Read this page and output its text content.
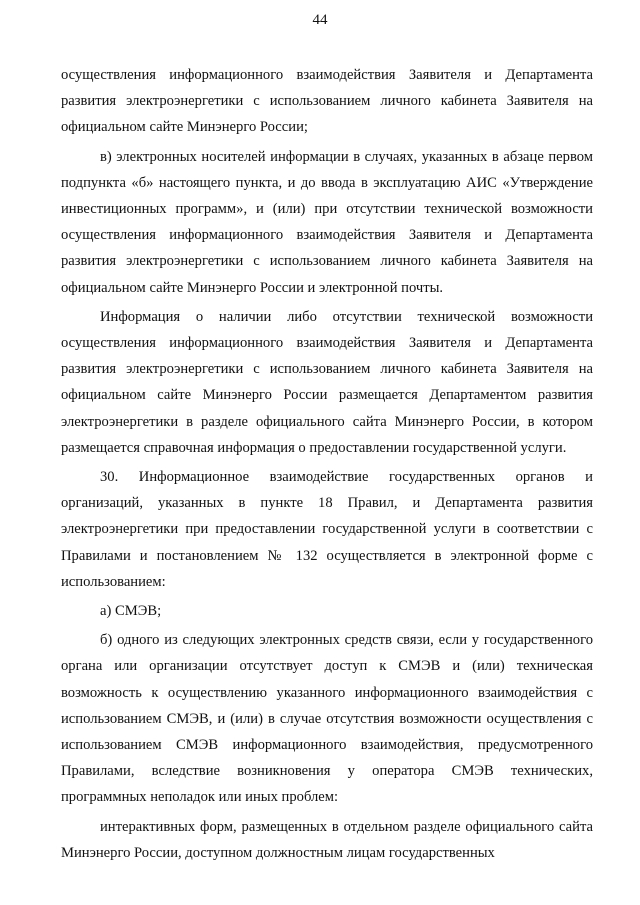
44

осуществления информационного взаимодействия Заявителя и Департамента развития электроэнергетики с использованием личного кабинета Заявителя на официальном сайте Минэнерго России;

в) электронных носителей информации в случаях, указанных в абзаце первом подпункта «б» настоящего пункта, и до ввода в эксплуатацию АИС «Утверждение инвестиционных программ», и (или) при отсутствии технической возможности осуществления информационного взаимодействия Заявителя и Департамента развития электроэнергетики с использованием личного кабинета Заявителя на официальном сайте Минэнерго России и электронной почты.

Информация о наличии либо отсутствии технической возможности осуществления информационного взаимодействия Заявителя и Департамента развития электроэнергетики с использованием личного кабинета Заявителя на официальном сайте Минэнерго России размещается Департаментом развития электроэнергетики в разделе официального сайта Минэнерго России, в котором размещается справочная информация о предоставлении государственной услуги.

30. Информационное взаимодействие государственных органов и организаций, указанных в пункте 18 Правил, и Департамента развития электроэнергетики при предоставлении государственной услуги в соответствии с Правилами и постановлением № 132 осуществляется в электронной форме с использованием:

а) СМЭВ;

б) одного из следующих электронных средств связи, если у государственного органа или организации отсутствует доступ к СМЭВ и (или) техническая возможность к осуществлению указанного информационного взаимодействия с использованием СМЭВ, и (или) в случае отсутствия возможности осуществления с использованием СМЭВ информационного взаимодействия, предусмотренного Правилами, вследствие возникновения у оператора СМЭВ технических, программных неполадок или иных проблем:

интерактивных форм, размещенных в отдельном разделе официального сайта Минэнерго России, доступном должностным лицам государственных
